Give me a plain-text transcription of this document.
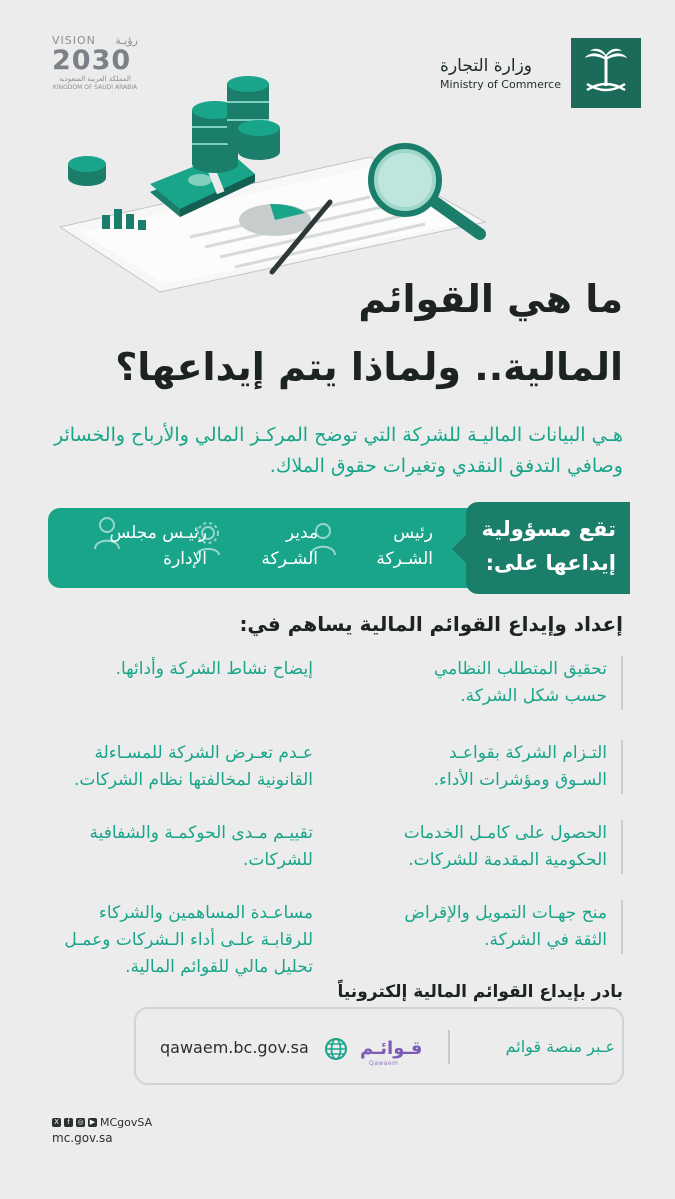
VISION رؤيـة
2030
المملكة العربية السعودية
KINGDOM OF SAUDI ARABIA
وزارة التجارة
Ministry of Commerce
ما هي القوائم
المالية.. ولماذا يتم إيداعها؟
هـي البيانات الماليـة للشركة التي توضح المركـز المالي والأرباح والخسائر وصافي التدفق النقدي وتغيرات حقوق الملاك.
تقع مسؤولية إيداعها على:
رئيس الشـركة
مدير الشـركة
رئيـس مجلس الإدارة
إعداد وإيداع القوائم المالية يساهم في:
تحقيق المتطلب النظامي حسب شكل الشركة.
التـزام الشركة بقواعـد السـوق ومؤشرات الأداء.
الحصول على كامـل الخدمات الحكومية المقدمة للشركات.
منح جهـات التمويل والإقراض الثقة في الشركة.
إيضاح نشاط الشركة وأدائها.
عـدم تعـرض الشركة للمسـاءلة القانونية لمخالفتها نظام الشركات.
تقييـم مـدى الحوكمـة والشفافية للشركات.
مساعـدة المساهمين والشركاء للرقابـة علـى أداء الـشركات وعمـل تحليل مالي للقوائم المالية.
بادر بإيداع القوائم المالية إلكترونياً
عـبر منصة قوائم
قـوائـم
Qawaem
qawaem.bc.gov.sa
X	f	◎ ▶ MCgovSA
mc.gov.sa
